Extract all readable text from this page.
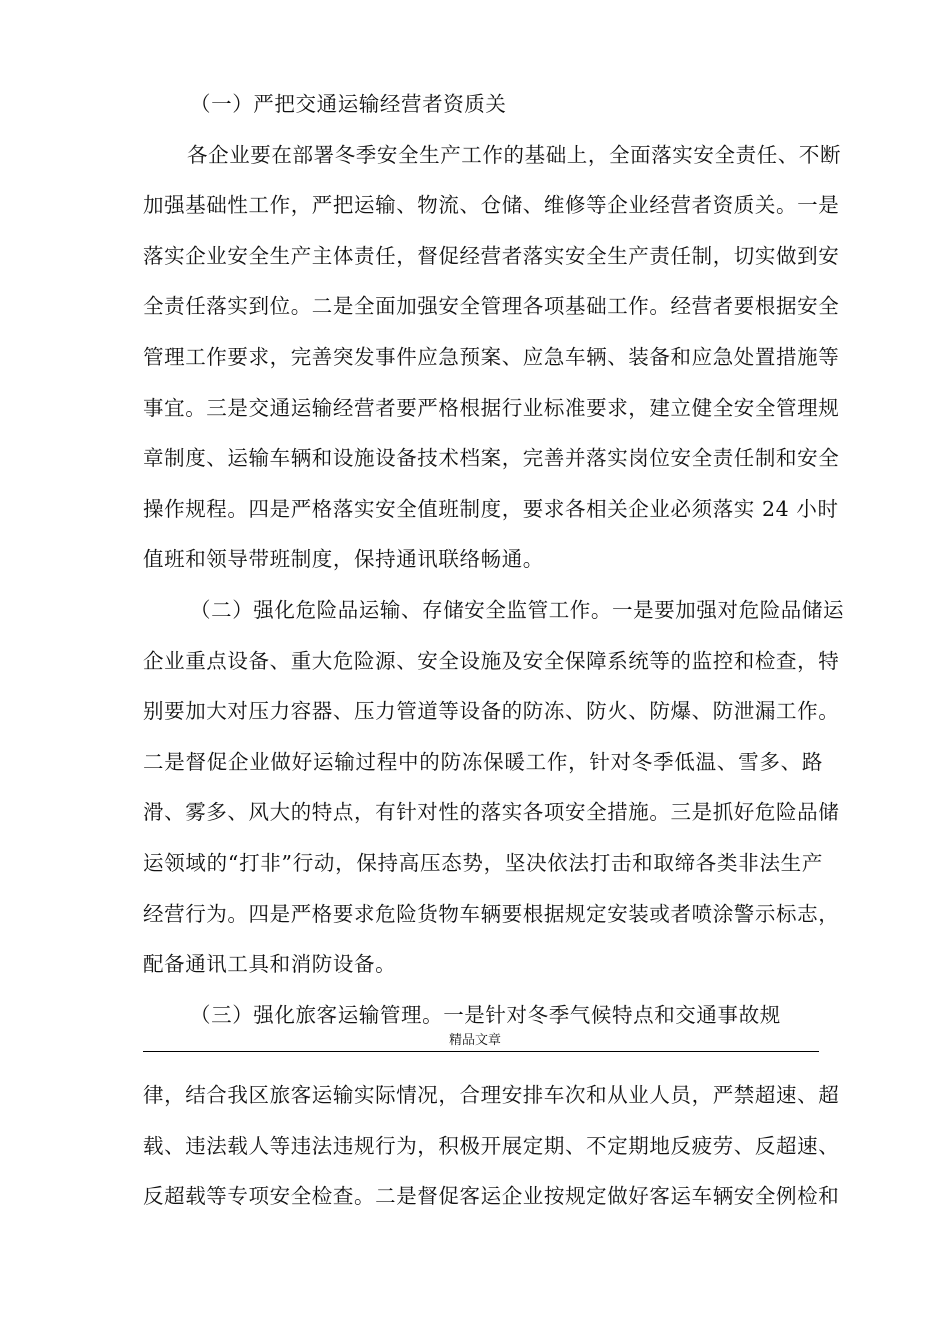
（一）严把交通运输经营者资质关
各企业要在部署冬季安全生产工作的基础上，全面落实安全责任、不断
加强基础性工作，严把运输、物流、仓储、维修等企业经营者资质关。一是
落实企业安全生产主体责任，督促经营者落实安全生产责任制，切实做到安
全责任落实到位。二是全面加强安全管理各项基础工作。经营者要根据安全
管理工作要求，完善突发事件应急预案、应急车辆、装备和应急处置措施等
事宜。三是交通运输经营者要严格根据行业标准要求，建立健全安全管理规
章制度、运输车辆和设施设备技术档案，完善并落实岗位安全责任制和安全
操作规程。四是严格落实安全值班制度，要求各相关企业必须落实 24 小时
值班和领导带班制度，保持通讯联络畅通。
（二）强化危险品运输、存储安全监管工作。一是要加强对危险品储运
企业重点设备、重大危险源、安全设施及安全保障系统等的监控和检查，特
别要加大对压力容器、压力管道等设备的防冻、防火、防爆、防泄漏工作。
二是督促企业做好运输过程中的防冻保暖工作，针对冬季低温、雪多、路
滑、雾多、风大的特点，有针对性的落实各项安全措施。三是抓好危险品储
运领域的“打非”行动，保持高压态势，坚决依法打击和取缔各类非法生产
经营行为。四是严格要求危险货物车辆要根据规定安装或者喷涂警示标志，
配备通讯工具和消防设备。
（三）强化旅客运输管理。一是针对冬季气候特点和交通事故规
精品文章
律，结合我区旅客运输实际情况，合理安排车次和从业人员，严禁超速、超
载、违法载人等违法违规行为，积极开展定期、不定期地反疲劳、反超速、
反超载等专项安全检查。二是督促客运企业按规定做好客运车辆安全例检和
